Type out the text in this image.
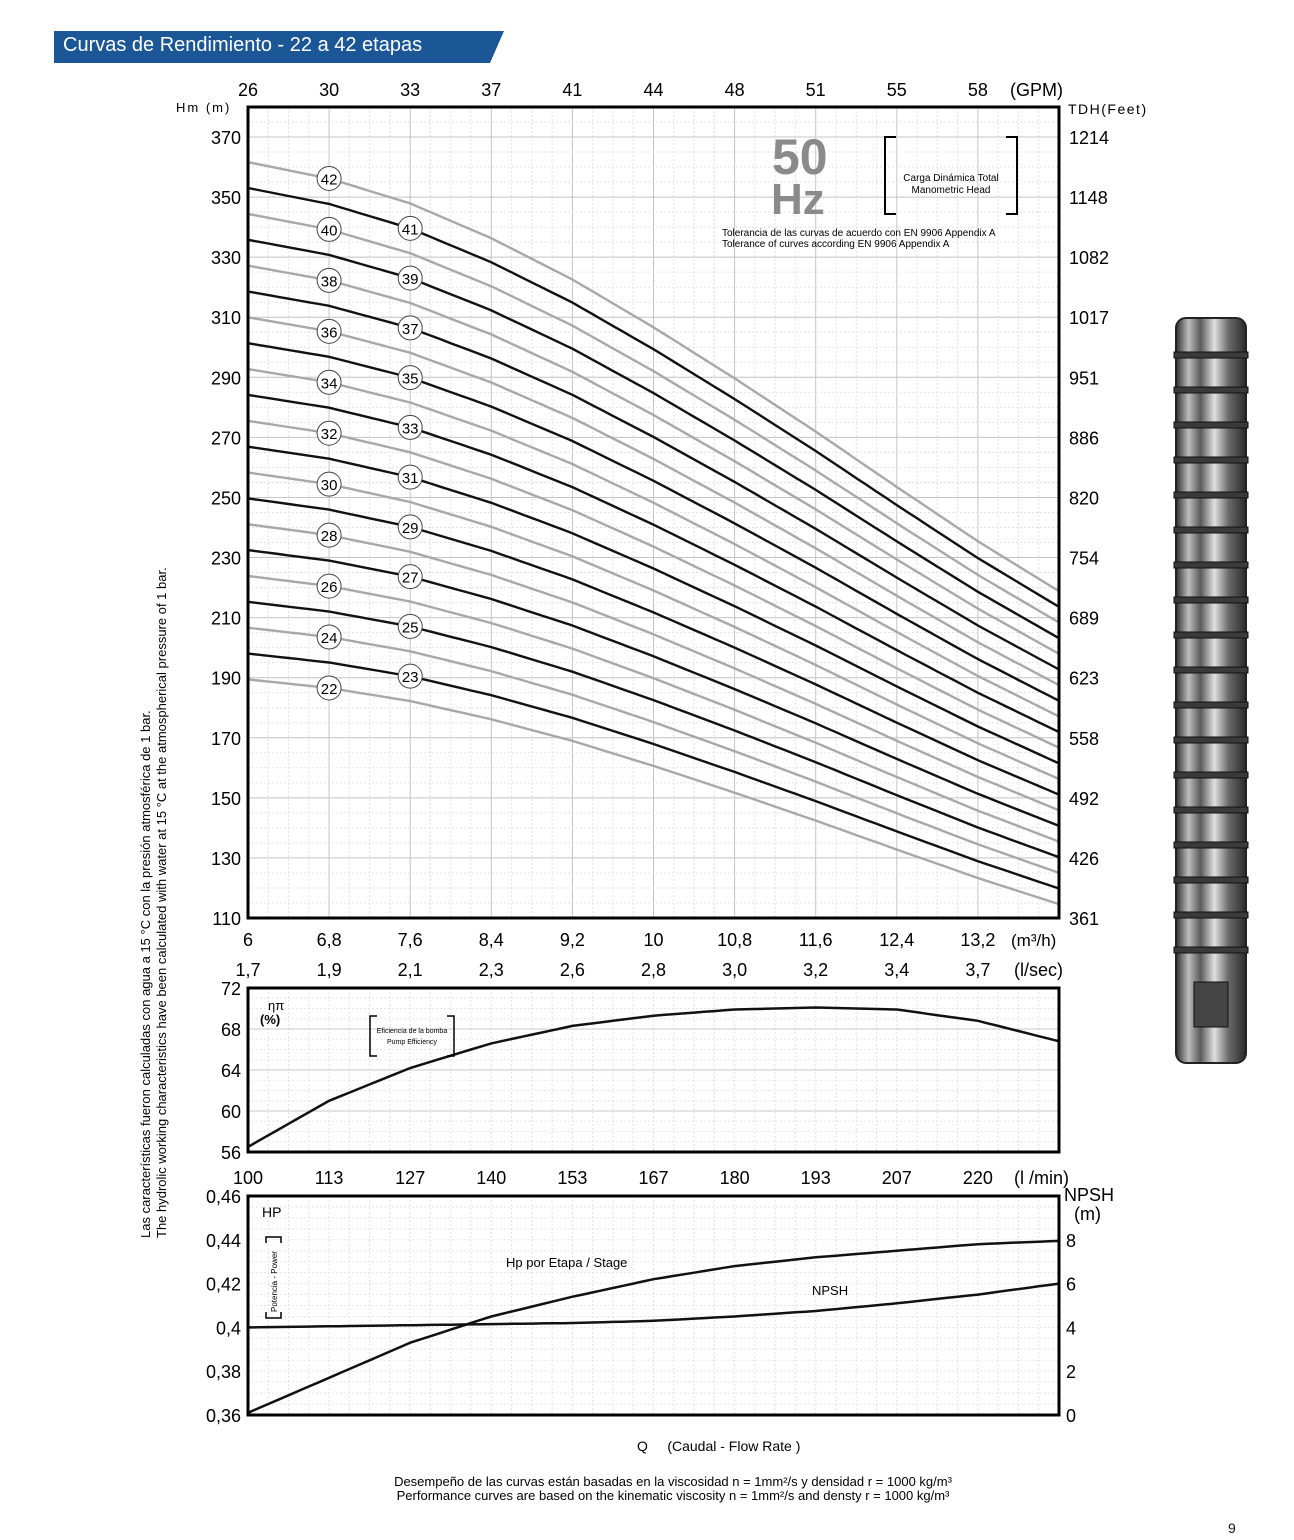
Curvas de Rendimiento - 22 a 42 etapas
Las características fueron calculadas con agua a 15 °C con la presión atmosférica de 1 bar. The hydrolic working characteristics have been calculated with water at 15 °C at the atmospherical pressure of 1 bar.
370
350
330
310
290
270
250
230
210
190
170
150
130
110
1214
1148
1082
1017
951
886
820
754
689
623
558
492
426
361
6	6,8	7,6	8,4	9,2	10	10,8	11,6	12,4	13,2
26	30	33	37	41	44	48	51	55	58
1,7	1,9	2,1	2,3	2,6	2,8	3,0	3,2	3,4	3,7
22
23
24
25
26
27
28	29
30	31
32	33
34	35
36	37
38	39
40	41
42
Hm (m)	TDH(Feet)
(GPM)
(m³/h)
(l/sec)
50
Hz	Carga Dinámica Total
Manometric Head
Tolerancia de las curvas de acuerdo con EN 9906 Appendix A
Tolerance of curves according EN 9906 Appendix A
72
68
64
60
56
ηπ
(%)
Eficiencia de la bomba
Pump Efficiency
0,46
0,44
0,42
0,4
0,38
0,36
8
6
4
2
0
100	113	127	140	153	167	180	193	207	220 (l /min)
HP
Potencia - Power
NPSH
(m)
Hp por Etapa / Stage
NPSH
Q     (Caudal - Flow Rate )
Desempeño de las curvas están basadas en la viscosidad n = 1mm²/s y densidad r = 1000 kg/m³
Performance curves are based on the kinematic viscosity n = 1mm²/s and densty r = 1000 kg/m³
9
